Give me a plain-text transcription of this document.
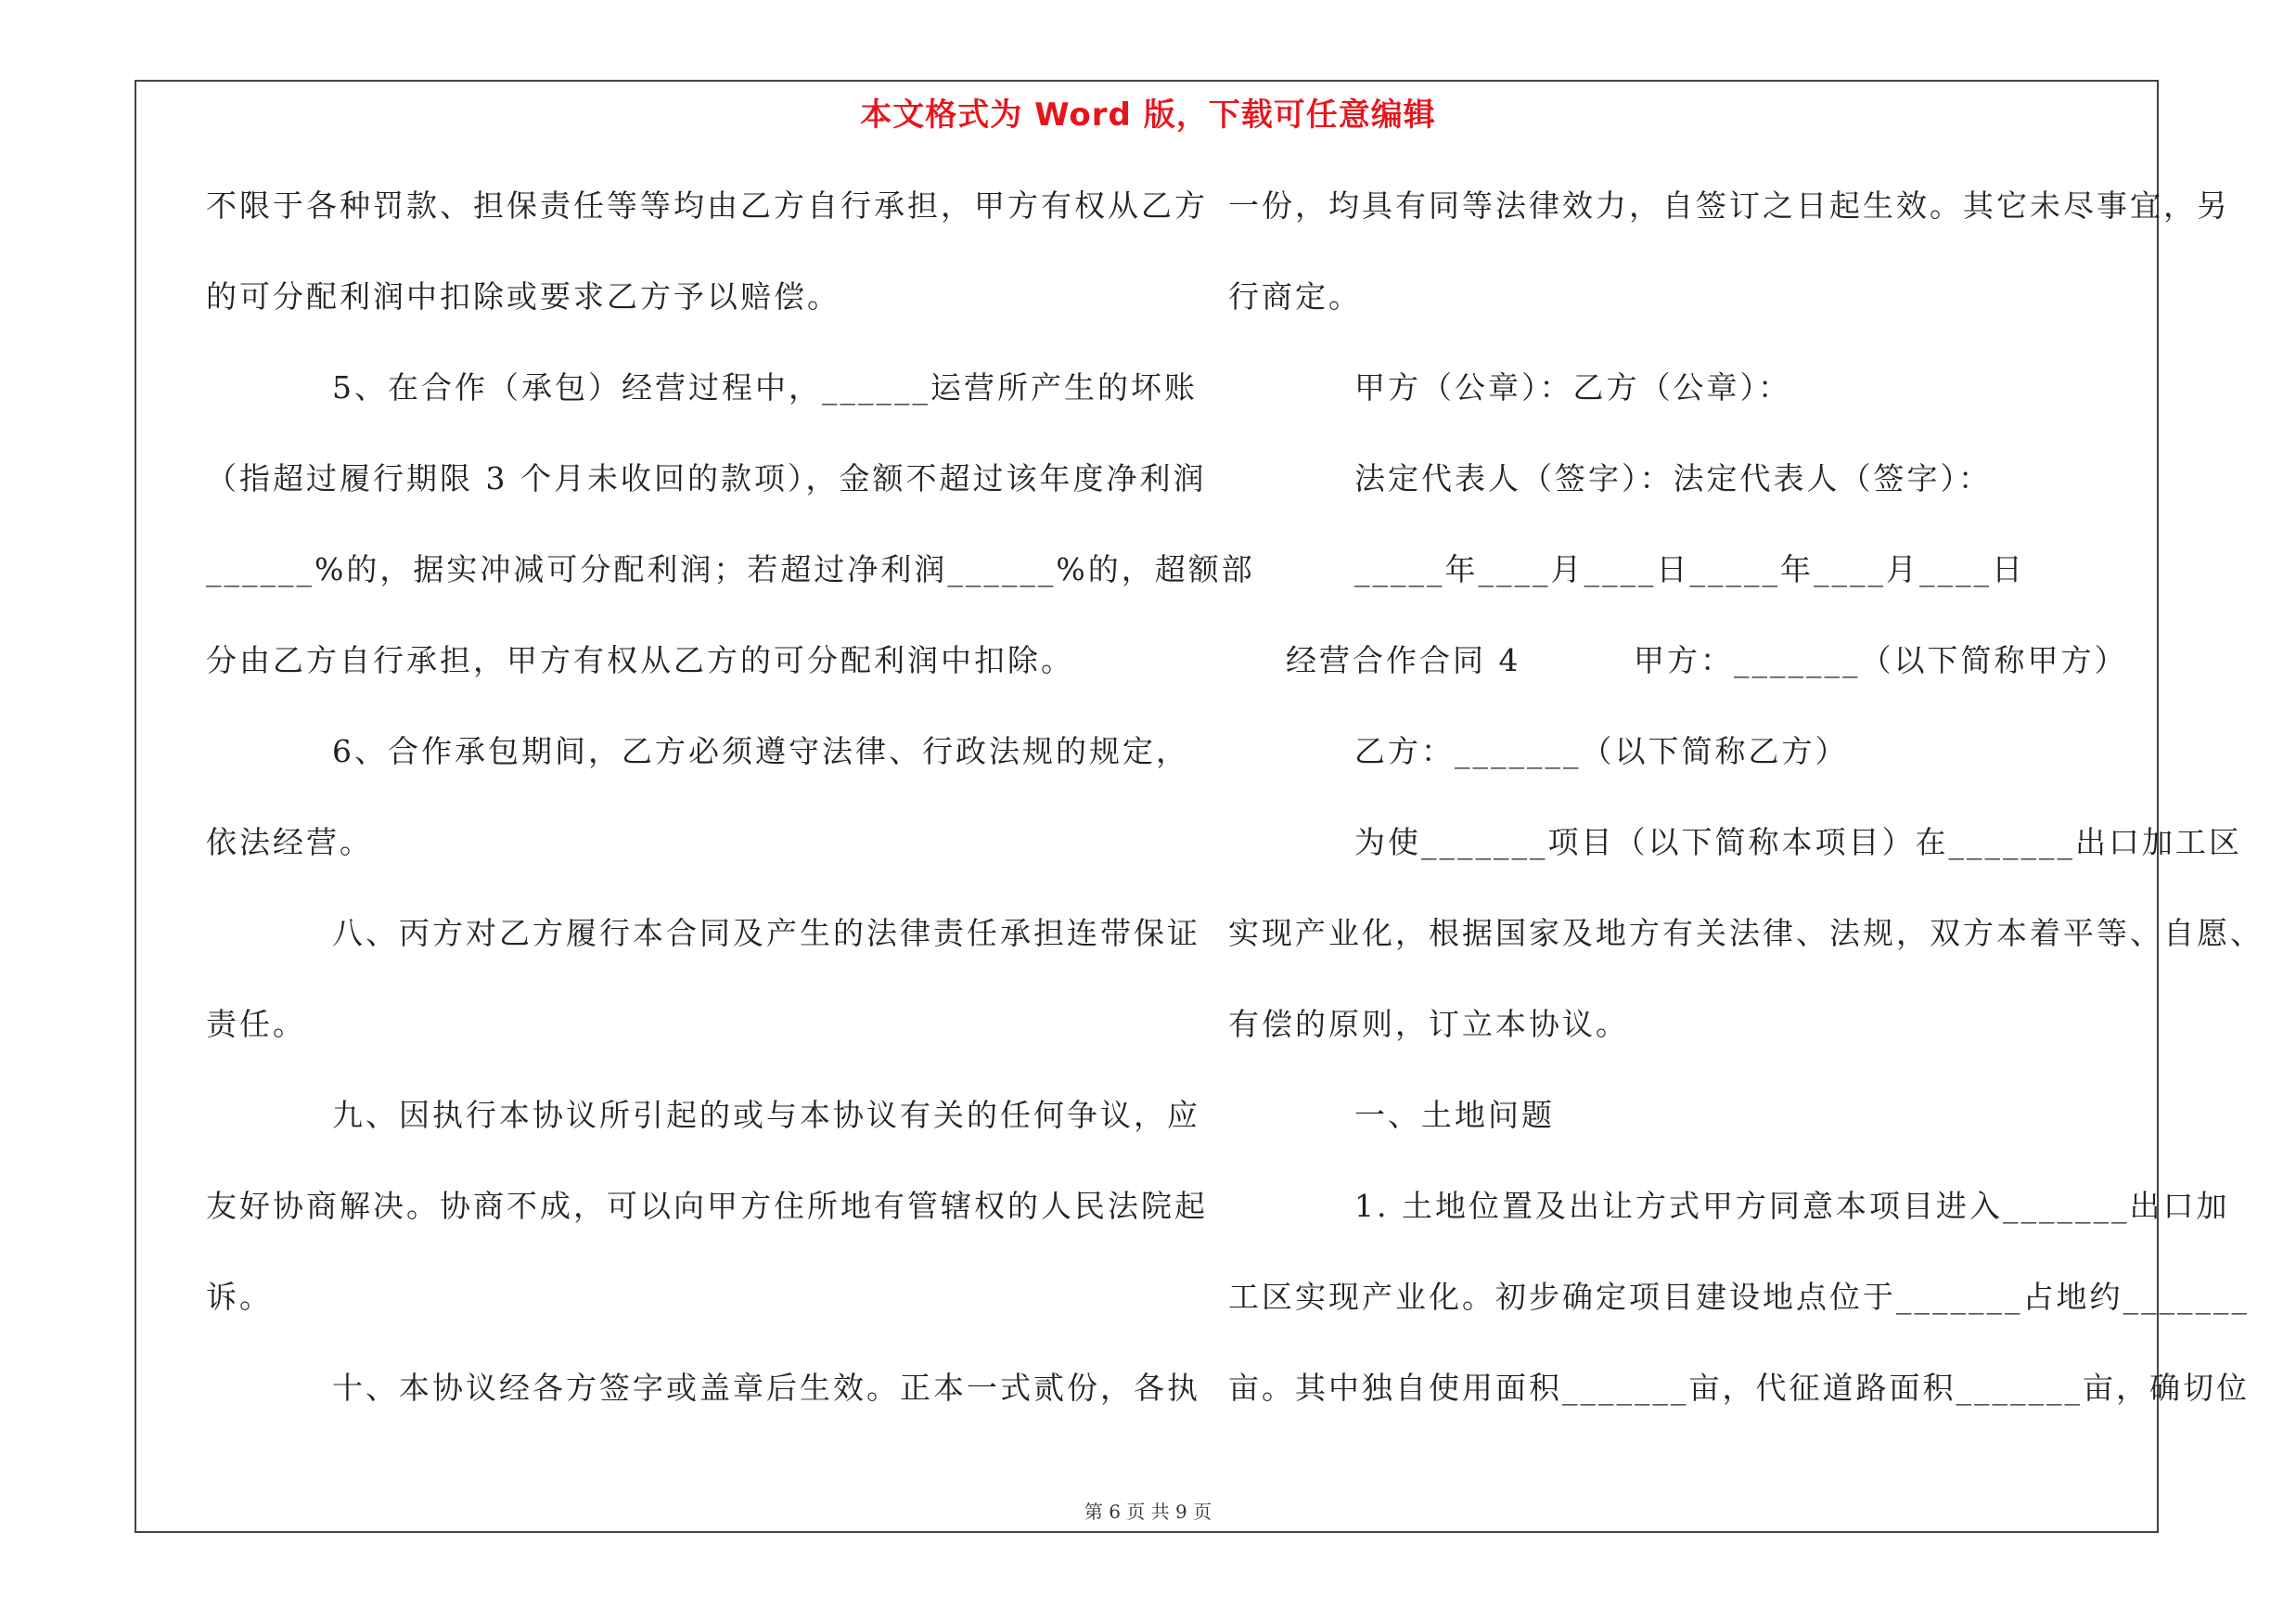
本文格式为 Word 版，下载可任意编辑
不限于各种罚款、担保责任等等均由乙方自行承担，甲方有权从乙方
的可分配利润中扣除或要求乙方予以赔偿。
5、在合作（承包）经营过程中，______运营所产生的坏账
（指超过履行期限 3 个月未收回的款项），金额不超过该年度净利润
______%的，据实冲减可分配利润；若超过净利润______%的，超额部
分由乙方自行承担，甲方有权从乙方的可分配利润中扣除。
6、合作承包期间，乙方必须遵守法律、行政法规的规定，
依法经营。
八、丙方对乙方履行本合同及产生的法律责任承担连带保证
责任。
九、因执行本协议所引起的或与本协议有关的任何争议，应
友好协商解决。协商不成，可以向甲方住所地有管辖权的人民法院起
诉。
十、本协议经各方签字或盖章后生效。正本一式贰份，各执
一份，均具有同等法律效力，自签订之日起生效。其它未尽事宜，另
行商定。
甲方（公章）：乙方（公章）：
法定代表人（签字）：法定代表人（签字）：
_____年____月____日_____年____月____日
经营合作合同 4　　　 甲方：_______（以下简称甲方）
乙方：_______（以下简称乙方）
为使_______项目（以下简称本项目）在_______出口加工区
实现产业化，根据国家及地方有关法律、法规，双方本着平等、自愿、
有偿的原则，订立本协议。
一、土地问题
1. 土地位置及出让方式甲方同意本项目进入_______出口加
工区实现产业化。初步确定项目建设地点位于_______占地约_______
亩。其中独自使用面积_______亩，代征道路面积_______亩，确切位
第 6 页 共 9 页
